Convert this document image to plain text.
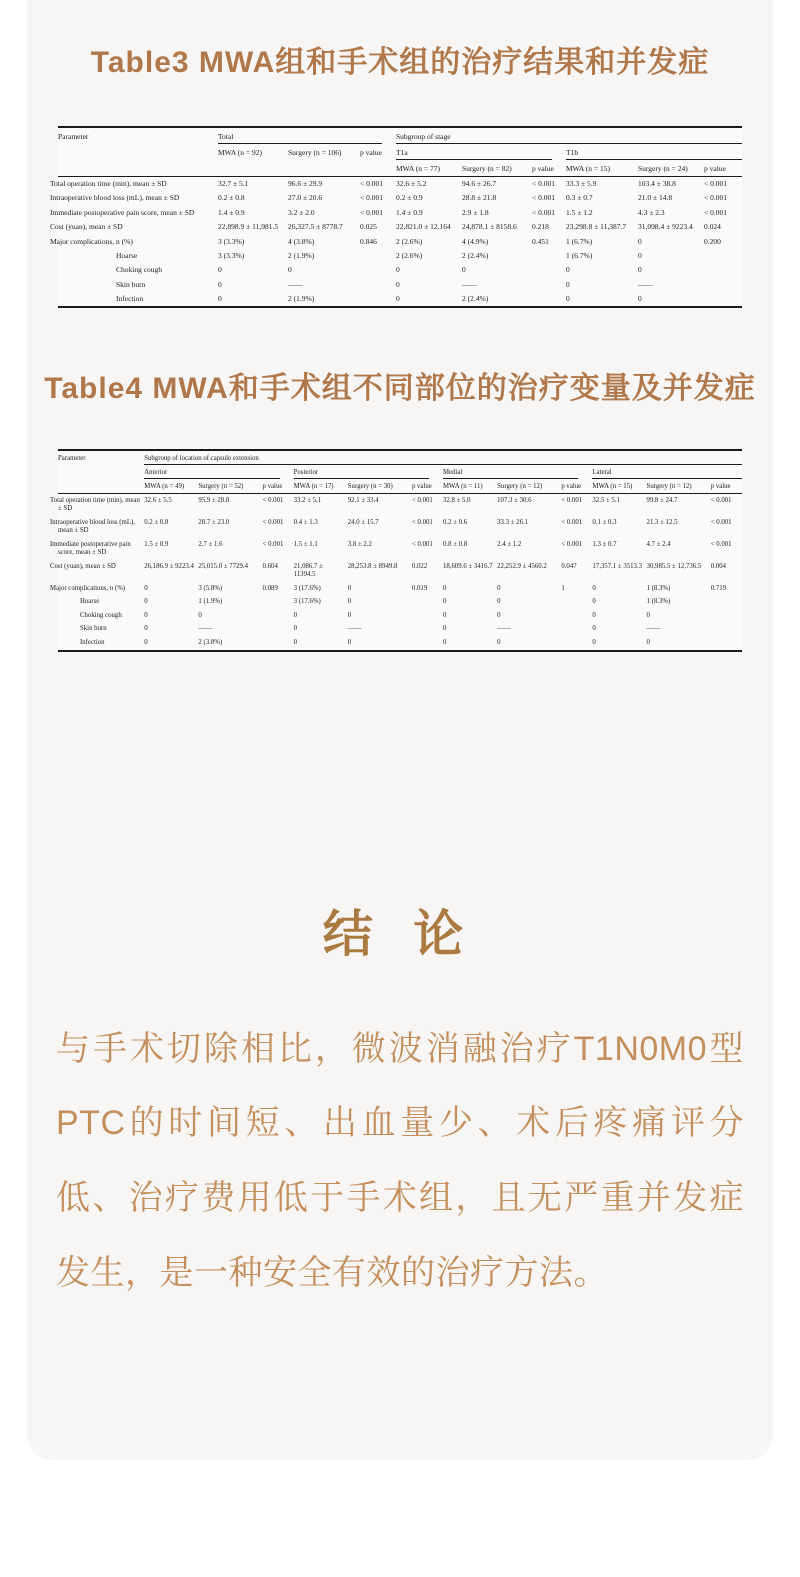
Table3 MWA组和手术组的治疗结果和并发症
Parameter	Total			Subgroup of stage					
	MWA (n = 92)	Surgery (n = 106)	p value	T1a			T1b		
				MWA (n = 77)	Surgery (n = 82)	p value	MWA (n = 15)	Surgery (n = 24)	p value
Total operation time (min), mean ± SD	32.7 ± 5.1	96.6 ± 29.9	< 0.001	32.6 ± 5.2	94.6 ± 26.7	< 0.001	33.3 ± 5.9	103.4 ± 38.8	< 0.001
Intraoperative blood loss (mL), mean ± SD	0.2 ± 0.8	27.0 ± 20.6	< 0.001	0.2 ± 0.9	28.8 ± 21.8	< 0.001	0.3 ± 0.7	21.0 ± 14.8	< 0.001
Immediate postoperative pain score, mean ± SD	1.4 ± 0.9	3.2 ± 2.0	< 0.001	1.4 ± 0.9	2.9 ± 1.8	< 0.001	1.5 ± 1.2	4.3 ± 2.3	< 0.001
Cost (yuan), mean ± SD	22,898.9 ± 11,981.5	26,327.5 ± 8778.7	0.025	22,821.0 ± 12,164	24,878.1 ± 8158.6	0.218	23,298.8 ± 11,387.7	31,098.4 ± 9223.4	0.024
Major complications, n (%)	3 (3.3%)	4 (3.8%)	0.846	2 (2.6%)	4 (4.9%)	0.451	1 (6.7%)	0	0.200
Hoarse	3 (3.3%)	2 (1.9%)		2 (2.6%)	2 (2.4%)		1 (6.7%)	0	
Choking cough	0	0		0	0		0	0	
Skin burn	0	——		0	——		0	——	
Infection	0	2 (1.9%)		0	2 (2.4%)		0	0	
Table4 MWA和手术组不同部位的治疗变量及并发症
Parameter	Subgroup of location of capsule extension											
	Anterior			Posterior			Medial			Lateral		
	MWA (n = 49)	Surgery (n = 52)	p value	MWA (n = 17)	Surgery (n = 30)	p value	MWA (n = 11)	Surgery (n = 12)	p value	MWA (n = 15)	Surgery (n = 12)	p value
Total operation time (min), mean ± SD	32.6 ± 5.5	95.9 ± 28.8	< 0.001	33.2 ± 5.1	92.1 ± 33.4	< 0.001	32.8 ± 5.0	107.3 ± 30.6	< 0.001	32.5 ± 5.1	99.8 ± 24.7	< 0.001
Intraoperative blood loss (mL), mean ± SD	0.2 ± 0.8	28.7 ± 23.0	< 0.001	0.4 ± 1.3	24.0 ± 15.7	< 0.001	0.2 ± 0.6	33.3 ± 26.1	< 0.001	0.1 ± 0.3	21.3 ± 12.5	< 0.001
Immediate postoperative pain score, mean ± SD	1.5 ± 0.9	2.7 ± 1.6	< 0.001	1.5 ± 1.1	3.8 ± 2.2	< 0.001	0.8 ± 0.8	2.4 ± 1.2	< 0.001	1.3 ± 0.7	4.7 ± 2.4	< 0.001
Cost (yuan), mean ± SD	26,186.9 ± 9223.4	25,015.0 ± 7729.4	0.604	21,086.7 ± 11394.5	28,253.8 ± 8949.8	0.022	18,609.6 ± 3416.7	22,252.9 ± 4560.2	0.047	17,357.1 ± 3513.3	30,985.5 ± 12,736.5	0.004
Major complications, n (%)	0	3 (5.8%)	0.089	3 (17.6%)	0	0.019	0	0	1	0	1 (8.3%)	0.719
Hoarse	0	1 (1.9%)		3 (17.6%)	0		0	0		0	1 (8.3%)	
Choking cough	0	0		0	0		0	0		0	0	
Skin burn	0	——		0	——		0	——		0	——	
Infection	0	2 (3.8%)		0	0		0	0		0	0	
结 论
与手术切除相比，微波消融治疗T1N0M0型PTC的时间短、出血量少、术后疼痛评分低、治疗费用低于手术组，且无严重并发症发生，是一种安全有效的治疗方法。
